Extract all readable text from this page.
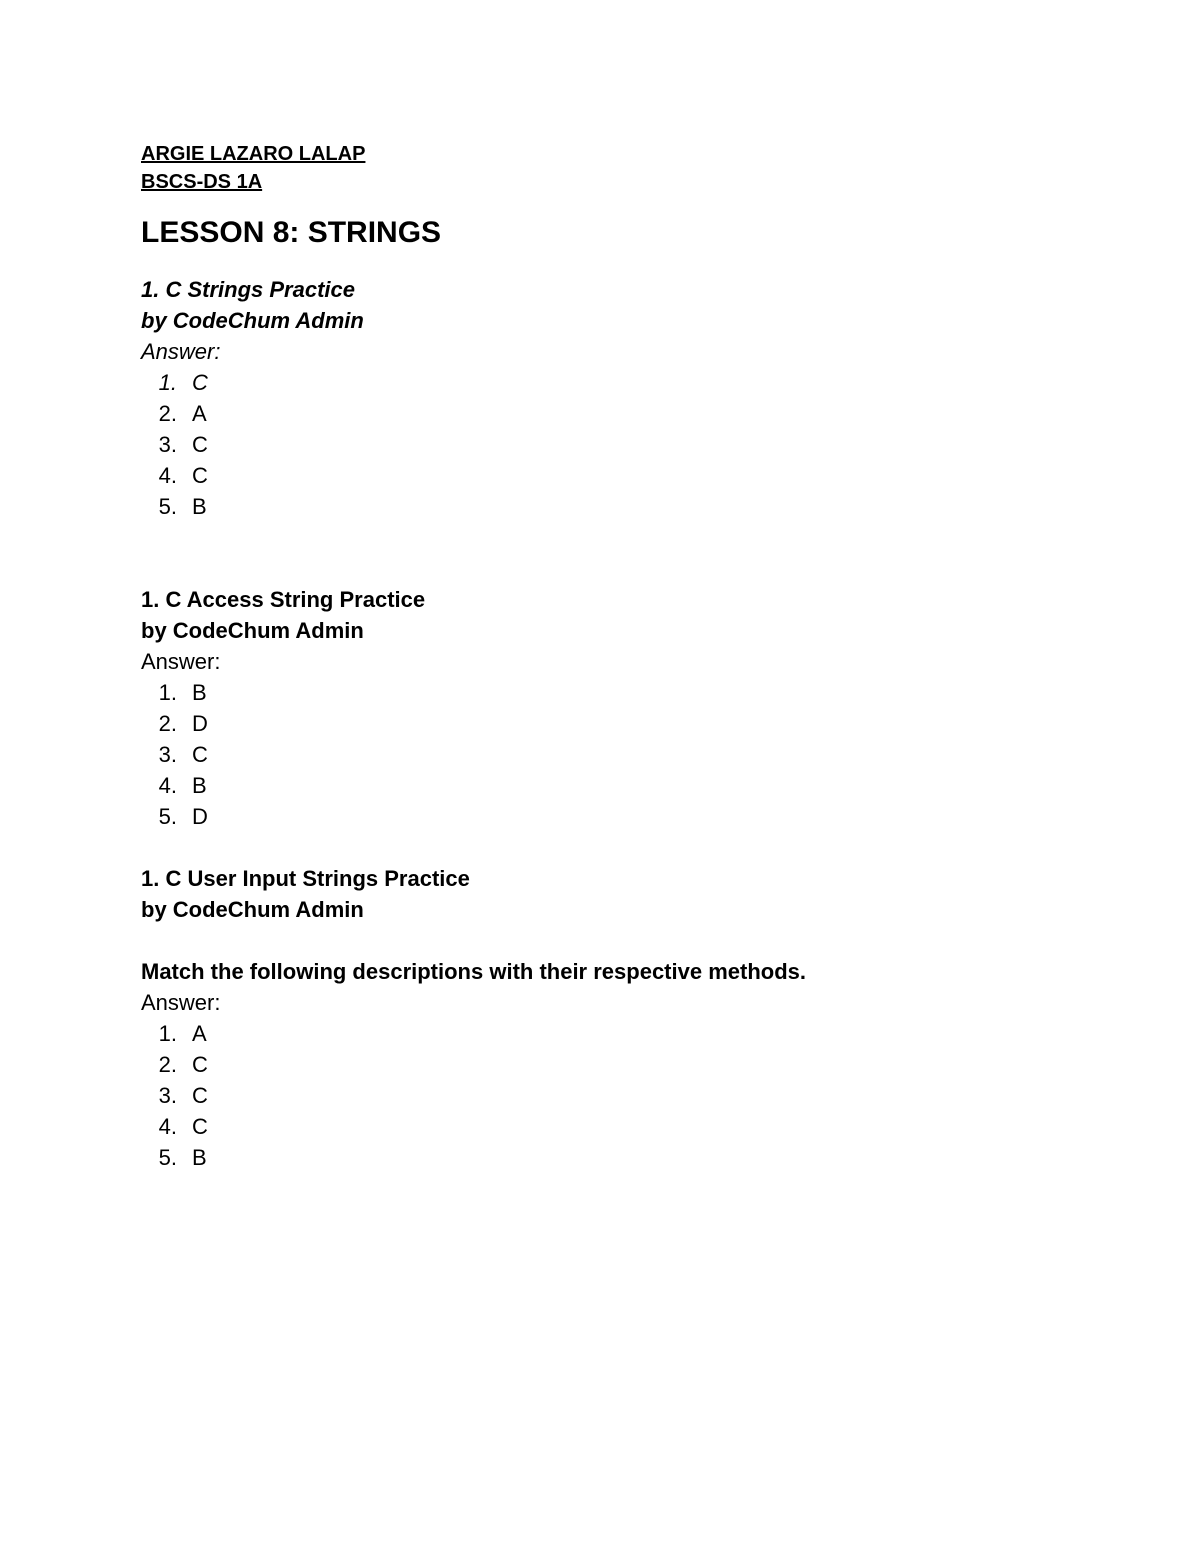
ARGIE LAZARO LALAP
BSCS-DS 1A
LESSON 8: STRINGS
1. C Strings Practice
by CodeChum Admin
Answer:
1. C
2. A
3. C
4. C
5. B
1. C Access String Practice
by CodeChum Admin
Answer:
1. B
2. D
3. C
4. B
5. D
1. C User Input Strings Practice
by CodeChum Admin
Match the following descriptions with their respective methods.
Answer:
1. A
2. C
3. C
4. C
5. B
